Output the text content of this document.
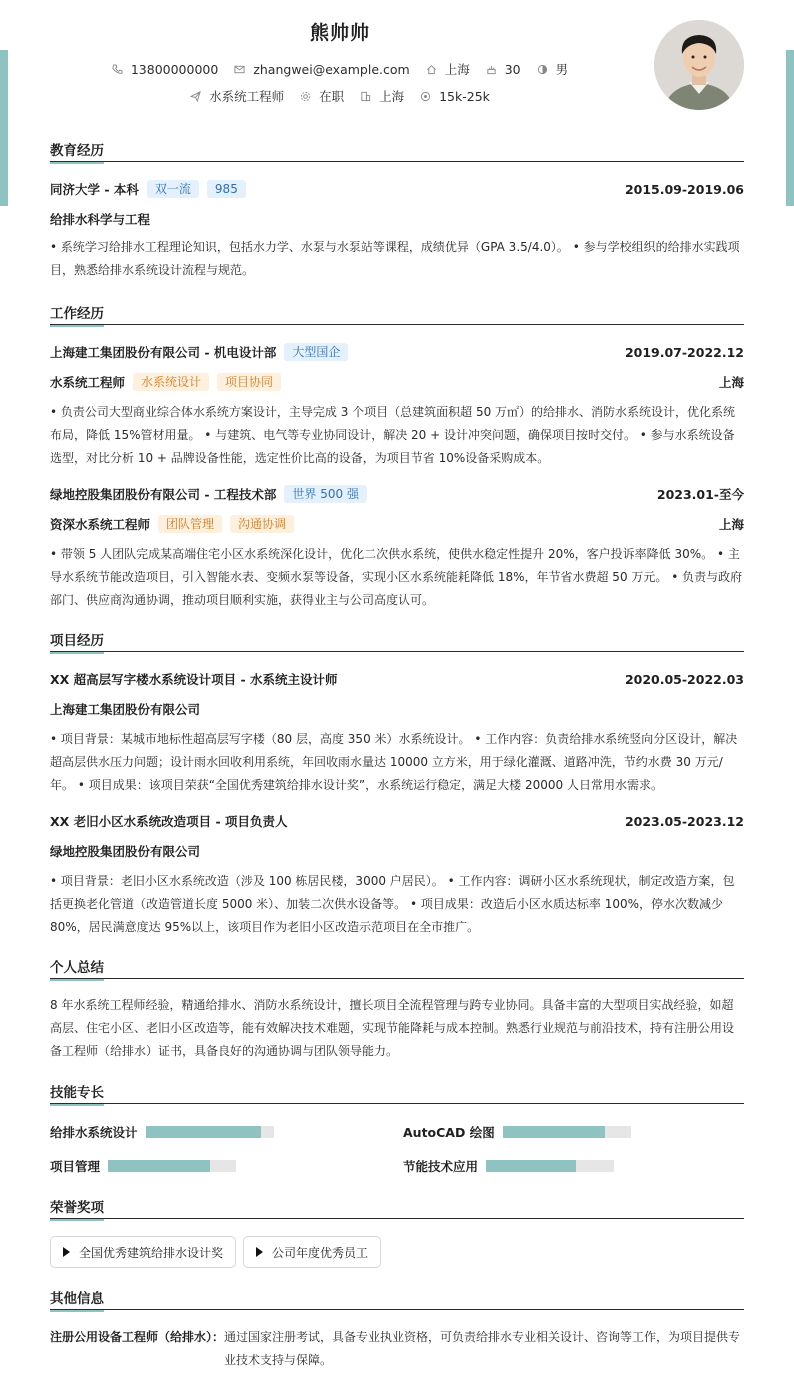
熊帅帅
13800000000	zhangwei@example.com	上海	30	男
水系统工程师	在职	上海	15k-25k
教育经历
同济大学 - 本科	双一流	985	2015.09-2019.06
给排水科学与工程
• 系统学习给排水工程理论知识，包括水力学、水泵与水泵站等课程，成绩优异（GPA 3.5/4.0）。 • 参与学校组织的给排水实践项目，熟悉给排水系统设计流程与规范。
工作经历
上海建工集团股份有限公司 - 机电设计部	大型国企	2019.07-2022.12
水系统工程师	水系统设计	项目协同	上海
• 负责公司大型商业综合体水系统方案设计，主导完成 3 个项目（总建筑面积超 50 万㎡）的给排水、消防水系统设计，优化系统布局，降低 15%管材用量。 • 与建筑、电气等专业协同设计，解决 20 + 设计冲突问题，确保项目按时交付。 • 参与水系统设备选型，对比分析 10 + 品牌设备性能，选定性价比高的设备，为项目节省 10%设备采购成本。
绿地控股集团股份有限公司 - 工程技术部	世界 500 强	2023.01-至今
资深水系统工程师	团队管理	沟通协调	上海
• 带领 5 人团队完成某高端住宅小区水系统深化设计，优化二次供水系统，使供水稳定性提升 20%，客户投诉率降低 30%。 • 主导水系统节能改造项目，引入智能水表、变频水泵等设备，实现小区水系统能耗降低 18%，年节省水费超 50 万元。 • 负责与政府部门、供应商沟通协调，推动项目顺利实施，获得业主与公司高度认可。
项目经历
XX 超高层写字楼水系统设计项目 - 水系统主设计师	2020.05-2022.03
上海建工集团股份有限公司
• 项目背景：某城市地标性超高层写字楼（80 层，高度 350 米）水系统设计。 • 工作内容：负责给排水系统竖向分区设计，解决超高层供水压力问题；设计雨水回收利用系统，年回收雨水量达 10000 立方米，用于绿化灌溉、道路冲洗，节约水费 30 万元/年。 • 项目成果：该项目荣获“全国优秀建筑给排水设计奖”，水系统运行稳定，满足大楼 20000 人日常用水需求。
XX 老旧小区水系统改造项目 - 项目负责人	2023.05-2023.12
绿地控股集团股份有限公司
• 项目背景：老旧小区水系统改造（涉及 100 栋居民楼，3000 户居民）。 • 工作内容：调研小区水系统现状，制定改造方案，包括更换老化管道（改造管道长度 5000 米）、加装二次供水设备等。 • 项目成果：改造后小区水质达标率 100%，停水次数减少 80%，居民满意度达 95%以上，该项目作为老旧小区改造示范项目在全市推广。
个人总结
8 年水系统工程师经验，精通给排水、消防水系统设计，擅长项目全流程管理与跨专业协同。具备丰富的大型项目实战经验，如超高层、住宅小区、老旧小区改造等，能有效解决技术难题，实现节能降耗与成本控制。熟悉行业规范与前沿技术，持有注册公用设备工程师（给排水）证书，具备良好的沟通协调与团队领导能力。
技能专长
给排水系统设计	AutoCAD 绘图
项目管理	节能技术应用
荣誉奖项
全国优秀建筑给排水设计奖	公司年度优秀员工
其他信息
注册公用设备工程师（给排水）： 通过国家注册考试，具备专业执业资格，可负责给排水专业相关设计、咨询等工作，为项目提供专业技术支持与保障。
